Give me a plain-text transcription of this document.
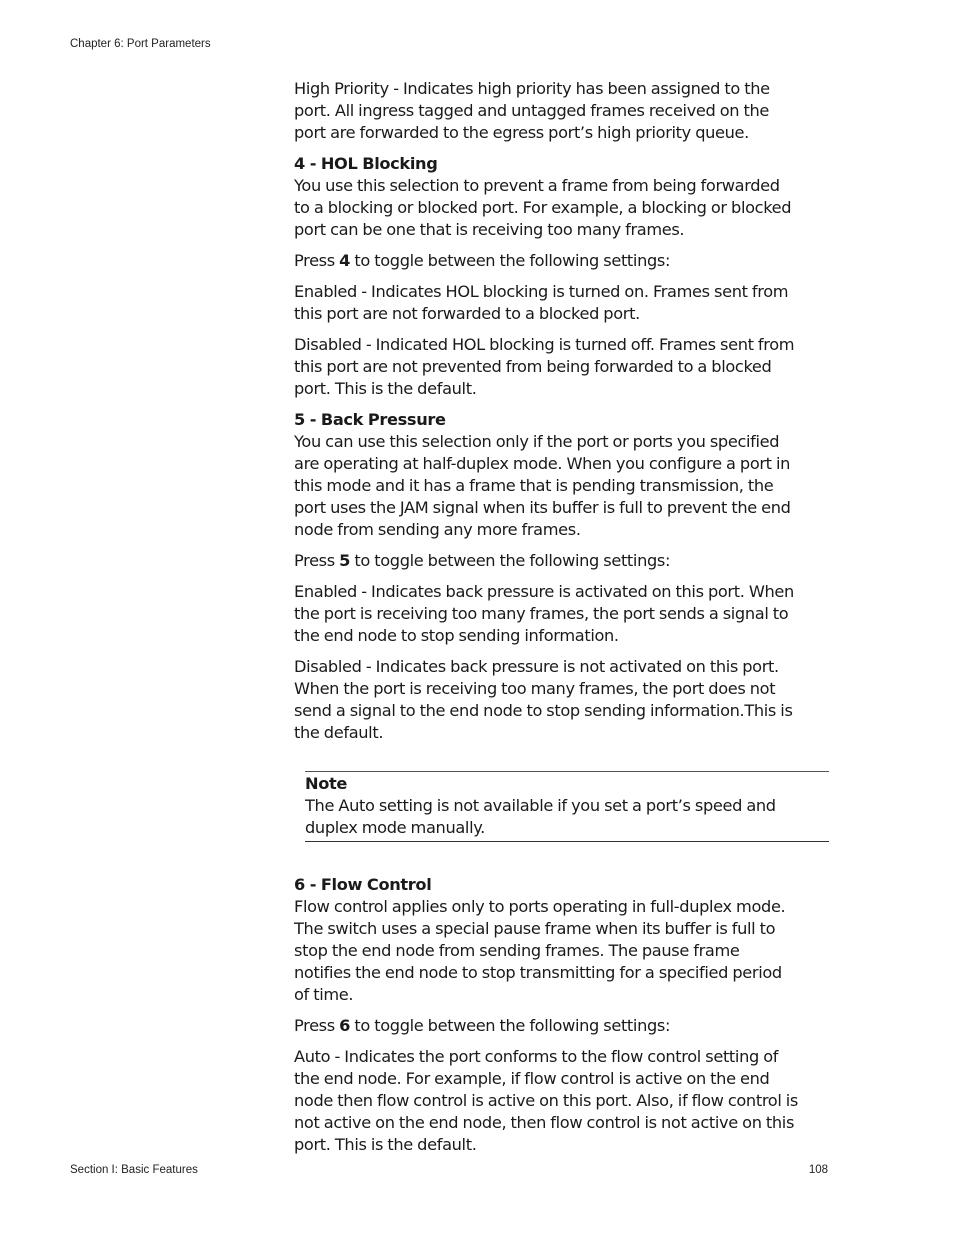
Chapter 6: Port Parameters

High Priority - Indicates high priority has been assigned to the port. All ingress tagged and untagged frames received on the port are forwarded to the egress port’s high priority queue.

4 - HOL Blocking

You use this selection to prevent a frame from being forwarded to a blocking or blocked port. For example, a blocking or blocked port can be one that is receiving too many frames.

Press 4 to toggle between the following settings:

Enabled - Indicates HOL blocking is turned on. Frames sent from this port are not forwarded to a blocked port.

Disabled - Indicated HOL blocking is turned off. Frames sent from this port are not prevented from being forwarded to a blocked port. This is the default.

5 - Back Pressure

You can use this selection only if the port or ports you specified are operating at half-duplex mode. When you configure a port in this mode and it has a frame that is pending transmission, the port uses the JAM signal when its buffer is full to prevent the end node from sending any more frames.

Press 5 to toggle between the following settings:

Enabled - Indicates back pressure is activated on this port. When the port is receiving too many frames, the port sends a signal to the end node to stop sending information.

Disabled - Indicates back pressure is not activated on this port. When the port is receiving too many frames, the port does not send a signal to the end node to stop sending information.This is the default.

Note

The Auto setting is not available if you set a port’s speed and duplex mode manually.

6 - Flow Control

Flow control applies only to ports operating in full-duplex mode. The switch uses a special pause frame when its buffer is full to stop the end node from sending frames. The pause frame notifies the end node to stop transmitting for a specified period of time.

Press 6 to toggle between the following settings:

Auto - Indicates the port conforms to the flow control setting of the end node. For example, if flow control is active on the end node then flow control is active on this port. Also, if flow control is not active on the end node, then flow control is not active on this port. This is the default.

Section I: Basic Features	108
